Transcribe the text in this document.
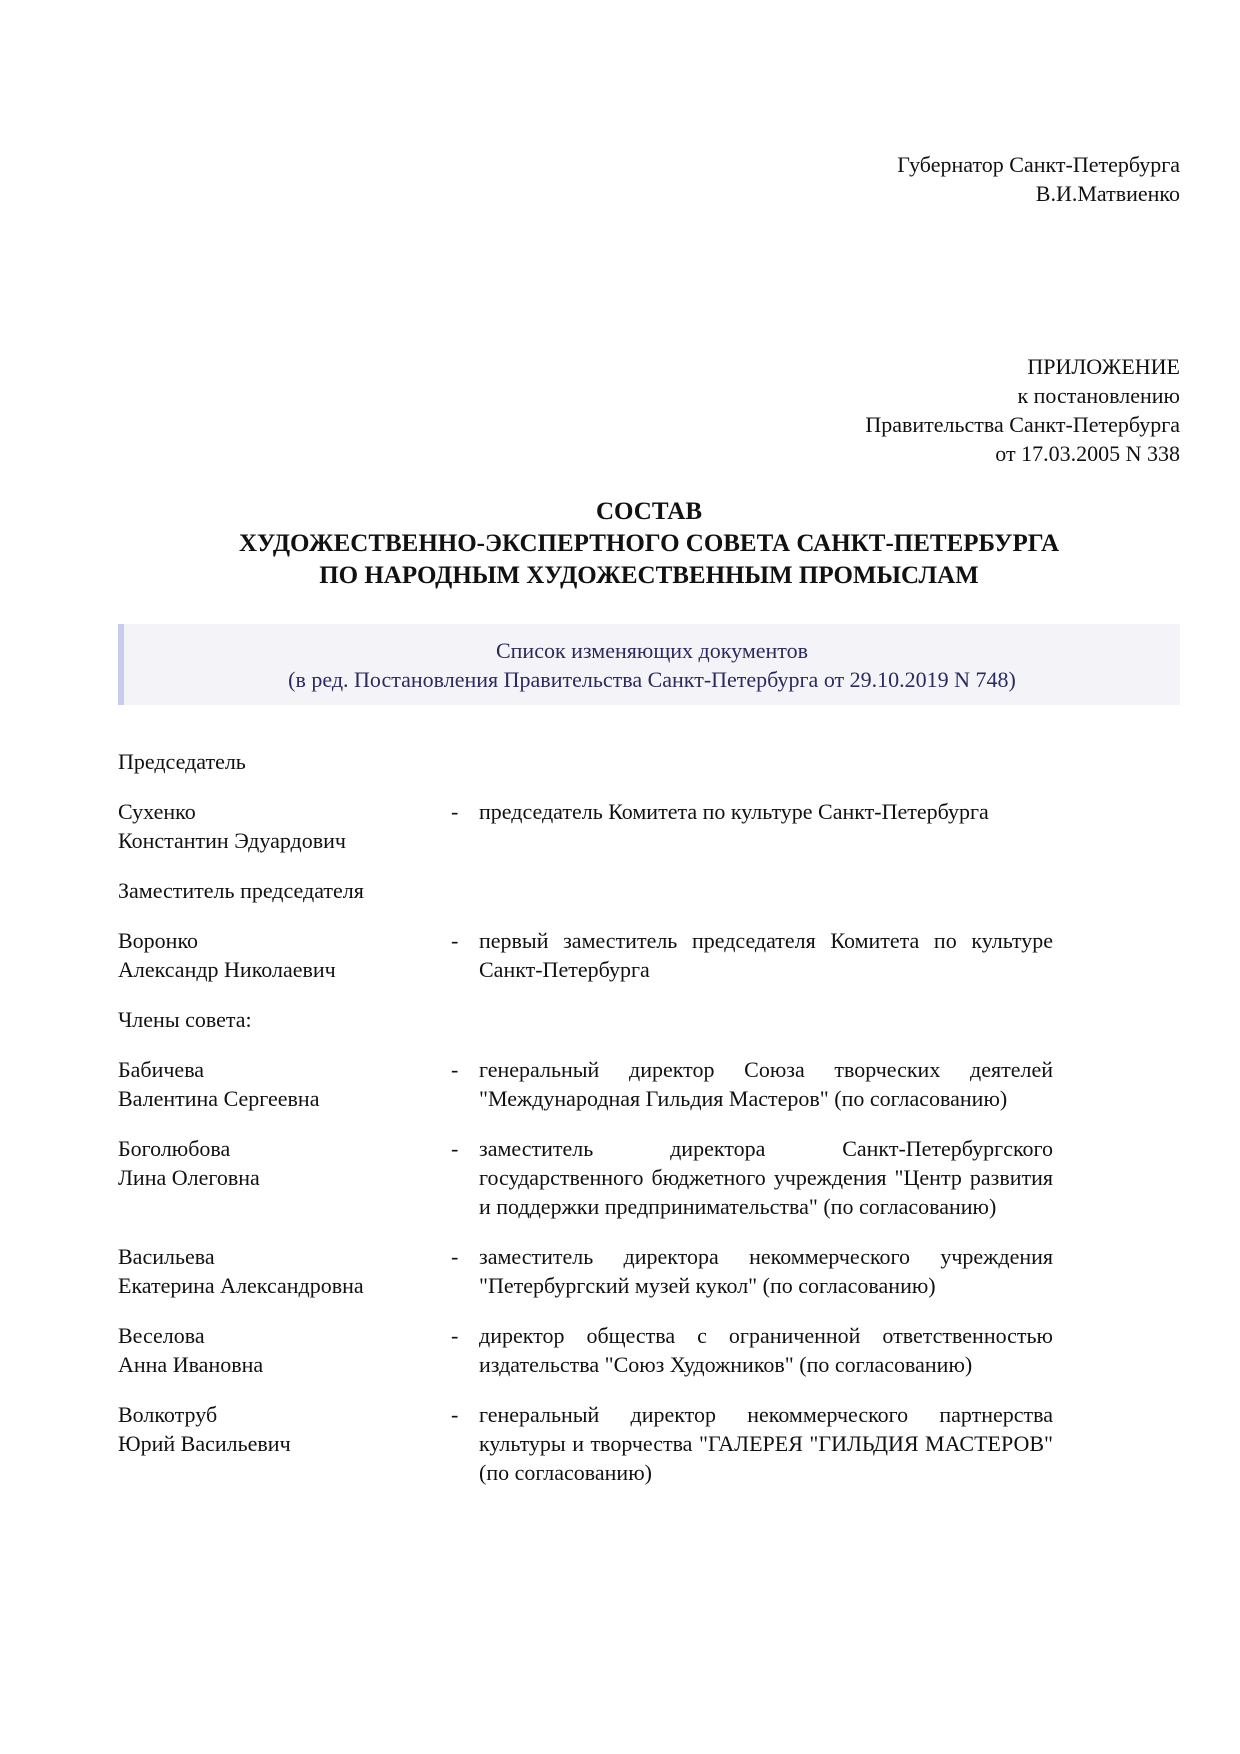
Губернатор Санкт-Петербурга
В.И.Матвиенко
ПРИЛОЖЕНИЕ
к постановлению
Правительства Санкт-Петербурга
от 17.03.2005 N 338
СОСТАВ
ХУДОЖЕСТВЕННО-ЭКСПЕРТНОГО СОВЕТА САНКТ-ПЕТЕРБУРГА
ПО НАРОДНЫМ ХУДОЖЕСТВЕННЫМ ПРОМЫСЛАМ
Список изменяющих документов
(в ред. Постановления Правительства Санкт-Петербурга от 29.10.2019 N 748)
Председатель
Сухенко
Константин Эдуардович
- председатель Комитета по культуре Санкт-Петербурга
Заместитель председателя
Воронко
Александр Николаевич
- первый заместитель председателя Комитета по культуре Санкт-Петербурга
Члены совета:
Бабичева
Валентина Сергеевна
- генеральный директор Союза творческих деятелей "Международная Гильдия Мастеров" (по согласованию)
Боголюбова
Лина Олеговна
- заместитель директора Санкт-Петербургского государственного бюджетного учреждения "Центр развития и поддержки предпринимательства" (по согласованию)
Васильева
Екатерина Александровна
- заместитель директора некоммерческого учреждения "Петербургский музей кукол" (по согласованию)
Веселова
Анна Ивановна
- директор общества с ограниченной ответственностью издательства "Союз Художников" (по согласованию)
Волкотруб
Юрий Васильевич
- генеральный директор некоммерческого партнерства культуры и творчества "ГАЛЕРЕЯ "ГИЛЬДИЯ МАСТЕРОВ" (по согласованию)
